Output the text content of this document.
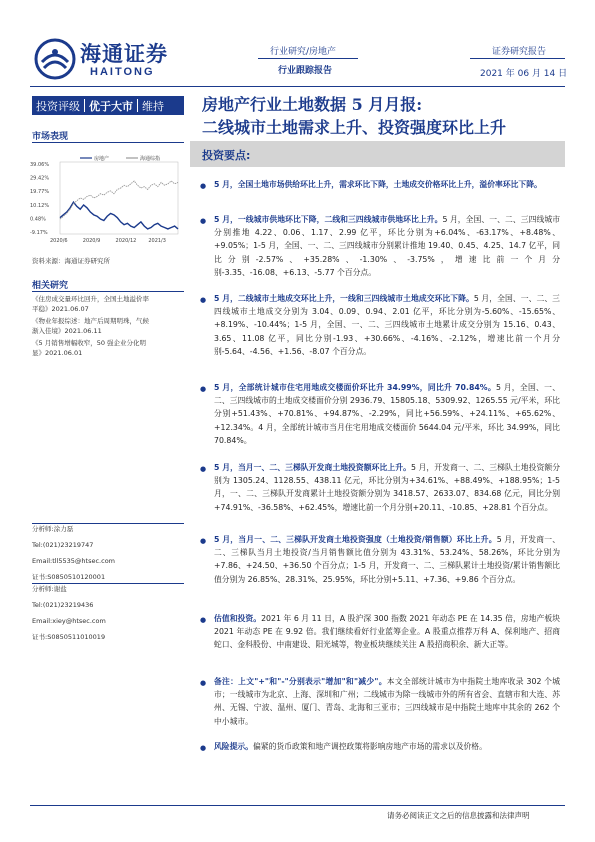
海通证券
HAITONG
行业研究/房地产
行业跟踪报告
证券研究报告
2021 年 06 月 14 日
投资评级 优于大市 维持 房地产行业土地数据 5 月月报:
二线城市土地需求上升、投资强度环比上升
市场表现
39.06%
29.42%
19.77%
10.12%
0.48%
-9.17%
2020/6	2020/9	2020/12 2021/3
房地产	海通综指
资料来源：海通证券研究所
相关研究
《住房成交量环比回升，全国土地溢价率
平稳》2021.06.07
《物业年报综述：地产后周期明珠，气候
渐入佳境》2021.06.11
《5 月销售增幅收窄，50 强企业分化明
显》2021.06.01
分析师:涂力磊
Tel:(021)23219747
Email:tll5535@htsec.com
证书:S0850510120001
分析师:谢盐
Tel:(021)23219436
Email:xiey@htsec.com
证书:S0850511010019
投资要点:
● 5 月，全国土地市场供给环比上升，需求环比下降，土地成交价格环比上升，溢价率环比下降。
● 5 月，一线城市供地环比下降，二线和三四线城市供地环比上升。5 月，全国、一、二、三四线城市分别推地 4.22、0.06、1.17、2.99 亿平，环比分别为+6.04%、-63.17%、+8.48%、+9.05%；1-5 月，全国、一、二、三四线城市分别累计推地 19.40、0.45、4.25、14.7 亿平，同比分别-2.57%、+35.28%、-1.30%、-3.75%，增速比前一个月分别-3.35、-16.08、+6.13、-5.77 个百分点。
● 5 月，二线城市土地成交环比上升，一线和三四线城市土地成交环比下降。5 月，全国、一、二、三四线城市土地成交分别为 3.04、0.09、0.94、2.01 亿平，环比分别为-5.60%、-15.65%、+8.19%、-10.44%；1-5 月，全国、一、二、三四线城市土地累计成交分别为 15.16、0.43、3.65、11.08 亿平，同比分别-1.93、+30.66%、-4.16%、-2.12%，增速比前一个月分别-5.64、-4.56、+1.56、-8.07 个百分点。
● 5 月，全部统计城市住宅用地成交楼面价环比升 34.99%，同比升 70.84%。5 月，全国、一、二、三四线城市的土地成交楼面价分别 2936.79、15805.18、5309.92、1265.55 元/平米，环比分别+51.43%、+70.81%、+94.87%、-2.29%，同比+56.59%、+24.11%、+65.62%、+12.34%。4 月，全部统计城市当月住宅用地成交楼面价 5644.04 元/平米，环比 34.99%，同比 70.84%。
● 5 月，当月一、二、三梯队开发商土地投资额环比上升。5 月，开发商一、二、三梯队土地投资额分别为 1305.24、1128.55、438.11 亿元，环比分别为+34.61%、+88.49%、+188.95%；1-5 月，一、二、三梯队开发商累计土地投资额分别为 3418.57、2633.07、834.68 亿元，同比分别+74.91%、-36.58%、+62.45%，增速比前一个月分别+20.11、-10.85、+28.81 个百分点。
● 5 月，当月一、二、三梯队开发商土地投资强度（土地投资/销售额）环比上升。5 月，开发商一、二、三梯队当月土地投资/当月销售额比值分别为 43.31%、53.24%、58.26%，环比分别为+7.86、+24.50、+36.50 个百分点；1-5 月，开发商一、二、三梯队累计土地投资/累计销售额比值分别为 26.85%、28.31%、25.95%，环比分别+5.11、+7.36、+9.86 个百分点。
● 估值和投资。2021 年 6 月 11 日，A 股沪深 300 指数 2021 年动态 PE 在 14.35 倍，房地产板块 2021 年动态 PE 在 9.92 倍。我们继续看好行业蓝筹企业。A 股重点推荐万科 A、保利地产、招商蛇口、金科股份、中南建设、阳光城等，物业板块继续关注 A 股招商积余、新大正等。
● 备注：上文"+"和"-"分别表示"增加"和"减少"。本文全部统计城市为中指院土地库收录 302 个城市；一线城市为北京、上海、深圳和广州；二线城市为除一线城市外的所有省会、直辖市和大连、苏州、无锡、宁波、温州、厦门、青岛、北海和三亚市；三四线城市是中指院土地库中其余的 262 个中小城市。
● 风险提示。偏紧的货币政策和地产调控政策将影响房地产市场的需求以及价格。
请务必阅读正文之后的信息披露和法律声明
